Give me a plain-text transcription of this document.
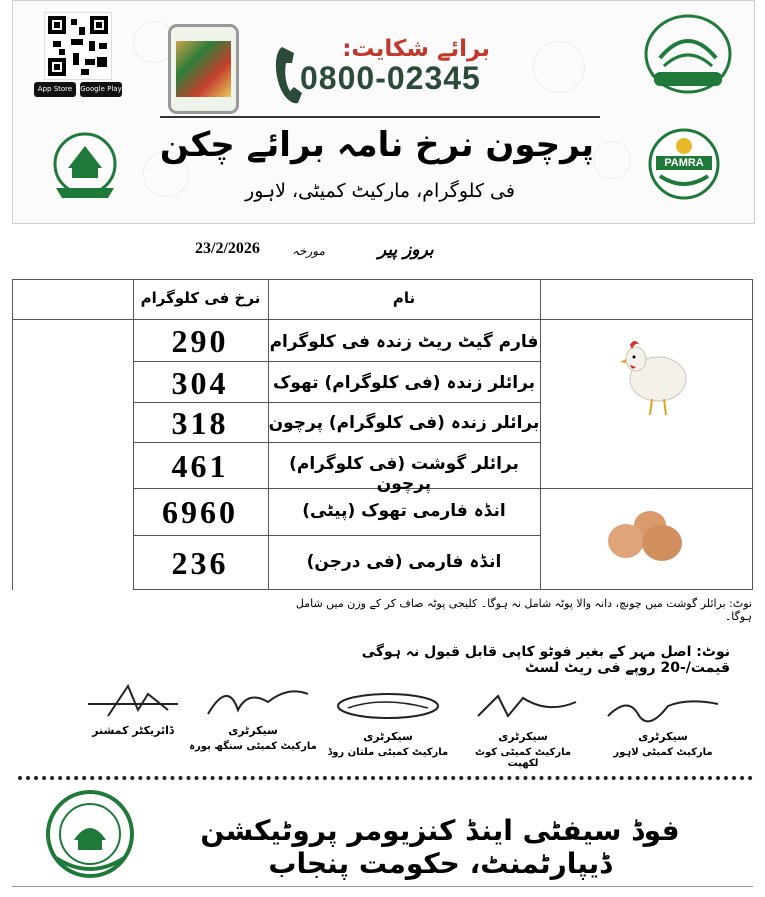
App Store	Google Play
برائے شکایت:
0800-02345
PAMRA
پرچون نرخ نامہ برائے چکن
فی کلوگرام، مارکیٹ کمیٹی، لاہور
23/2/2026	مورخہ	بروز پیر
نرخ فی کلوگرام	نام
290	فارم گیٹ ریٹ زندہ فی کلوگرام
304	برائلر زندہ (فی کلوگرام) تھوک
318	برائلر زندہ (فی کلوگرام) پرچون
461	برائلر گوشت (فی کلوگرام) پرچون
6960	انڈہ فارمی تھوک (پیٹی)
236	انڈہ فارمی (فی درجن)
نوٹ: برائلر گوشت میں چونچ، دانہ والا پوٹہ شامل نہ ہوگا۔ کلیجی پوٹہ صاف کر کے وزن میں شامل ہوگا۔
نوٹ: اصل مہر کے بغیر فوٹو کاپی قابل قبول نہ ہوگی      قیمت/-20 روپے فی ریٹ لسٹ
سیکرٹری
مارکیٹ کمیٹی لاہور
سیکرٹری
مارکیٹ کمیٹی کوٹ لکھپت
سیکرٹری
مارکیٹ کمیٹی ملتان روڈ
سیکرٹری
مارکیٹ کمیٹی سنگھ پورہ
ڈائریکٹر کمشنر
فوڈ سیفٹی اینڈ کنزیومر پروٹیکشن ڈیپارٹمنٹ، حکومت پنجاب
